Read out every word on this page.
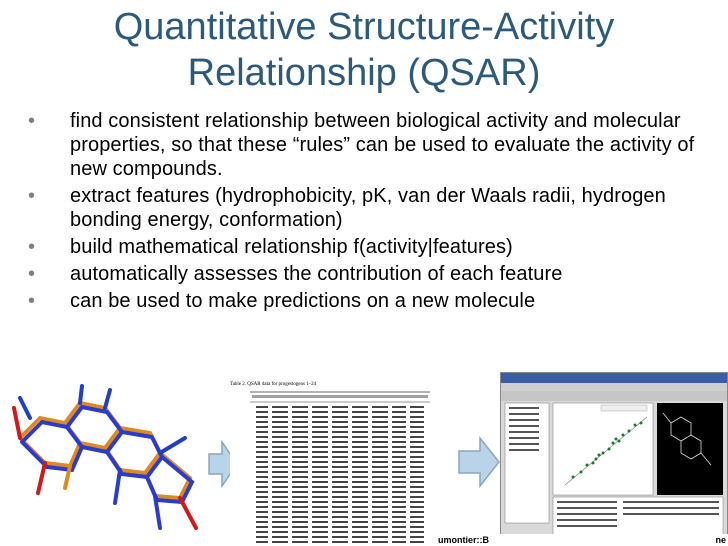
Quantitative Structure-Activity
Relationship (QSAR)
• find consistent relationship between biological activity and molecular properties, so that these “rules” can be used to evaluate the activity of new compounds.
• extract features (hydrophobicity, pK, van der Waals radii, hydrogen bonding energy, conformation)
• build mathematical relationship f(activity|features)
• automatically assesses the contribution of each feature
• can be used to make predictions on a new molecule
Table 2. QSAR data for progestogens 1–24
umontier::B	ne
